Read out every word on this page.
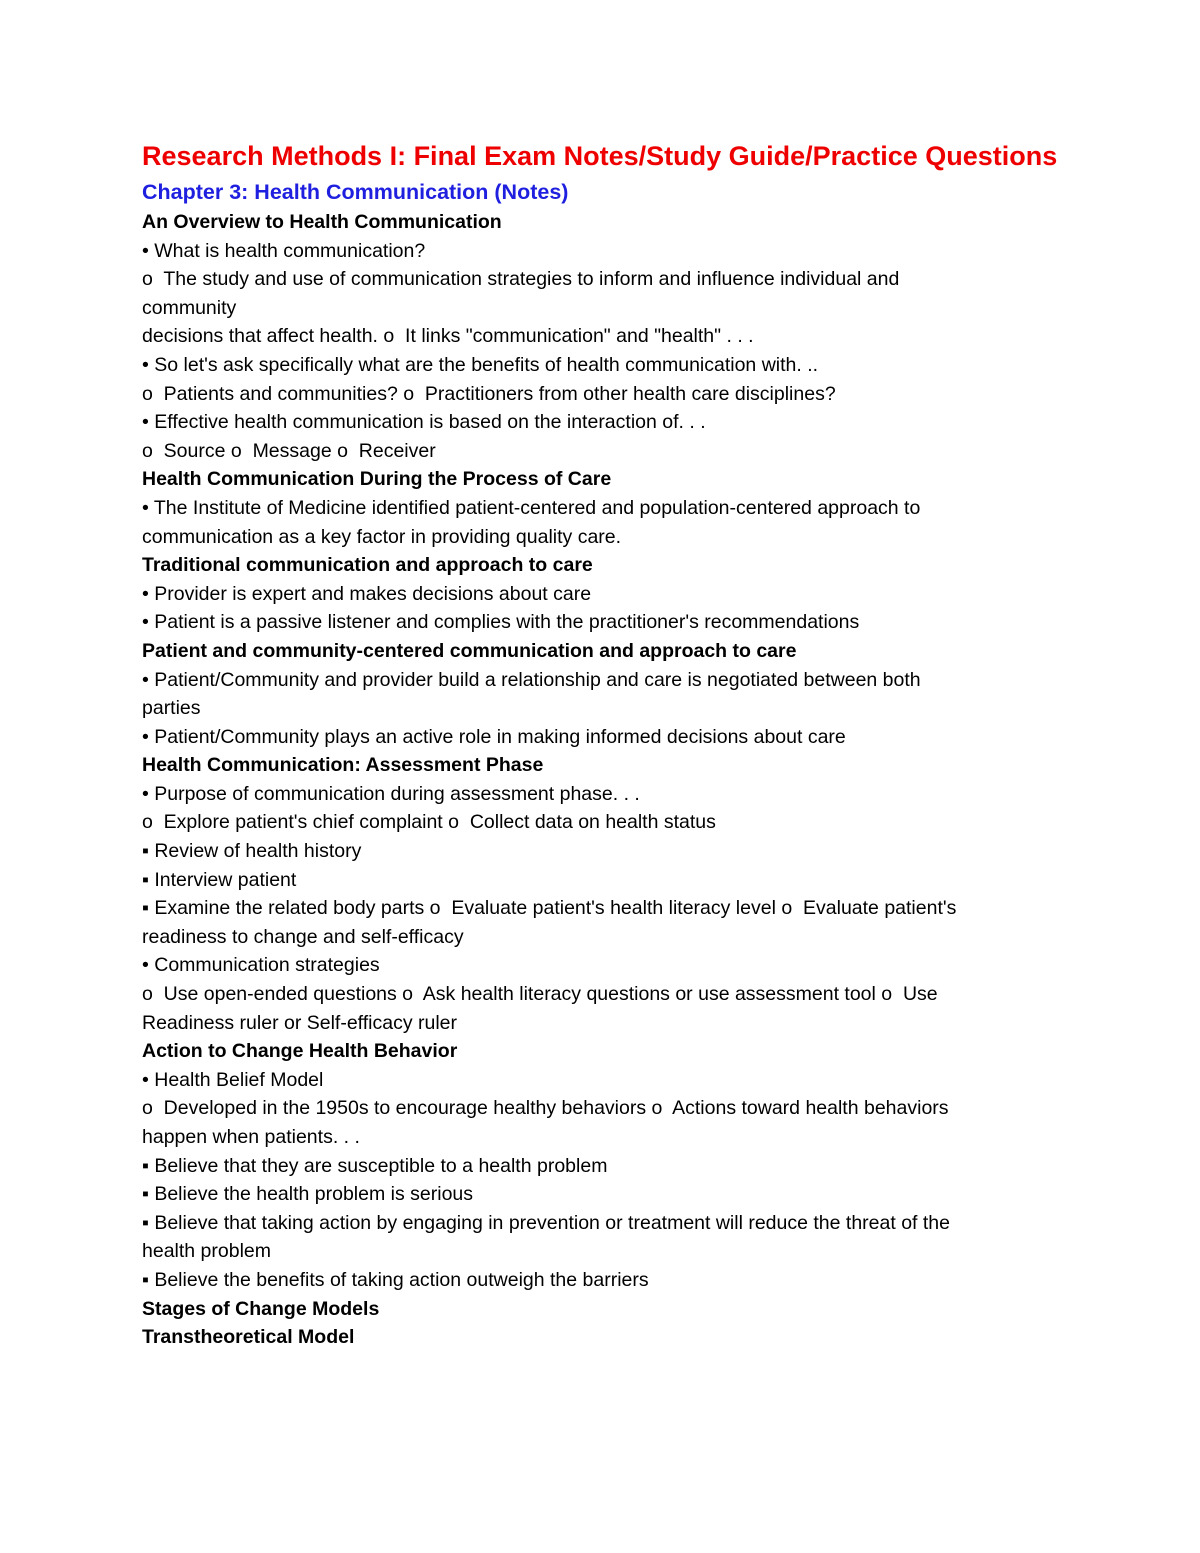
Research Methods I: Final Exam Notes/Study Guide/Practice Questions
Chapter 3: Health Communication (Notes)

An Overview to Health Communication

• What is health communication?

o  The study and use of communication strategies to inform and influence individual and

community

decisions that affect health. o  It links "communication" and "health" . . .

• So let's ask specifically what are the benefits of health communication with. ..

o  Patients and communities? o  Practitioners from other health care disciplines?

• Effective health communication is based on the interaction of. . .

o  Source o  Message o  Receiver

Health Communication During the Process of Care

• The Institute of Medicine identified patient-centered and population-centered approach to

communication as a key factor in providing quality care.

Traditional communication and approach to care

• Provider is expert and makes decisions about care

• Patient is a passive listener and complies with the practitioner's recommendations

Patient and community-centered communication and approach to care

• Patient/Community and provider build a relationship and care is negotiated between both

parties

• Patient/Community plays an active role in making informed decisions about care

Health Communication: Assessment Phase

• Purpose of communication during assessment phase. . .

o  Explore patient's chief complaint o  Collect data on health status

▪ Review of health history

▪ Interview patient

▪ Examine the related body parts o  Evaluate patient's health literacy level o  Evaluate patient's

readiness to change and self-efficacy

• Communication strategies

o  Use open-ended questions o  Ask health literacy questions or use assessment tool o  Use

Readiness ruler or Self-efficacy ruler

Action to Change Health Behavior

• Health Belief Model

o  Developed in the 1950s to encourage healthy behaviors o  Actions toward health behaviors

happen when patients. . .

▪ Believe that they are susceptible to a health problem

▪ Believe the health problem is serious

▪ Believe that taking action by engaging in prevention or treatment will reduce the threat of the

health problem

▪ Believe the benefits of taking action outweigh the barriers

Stages of Change Models

Transtheoretical Model
